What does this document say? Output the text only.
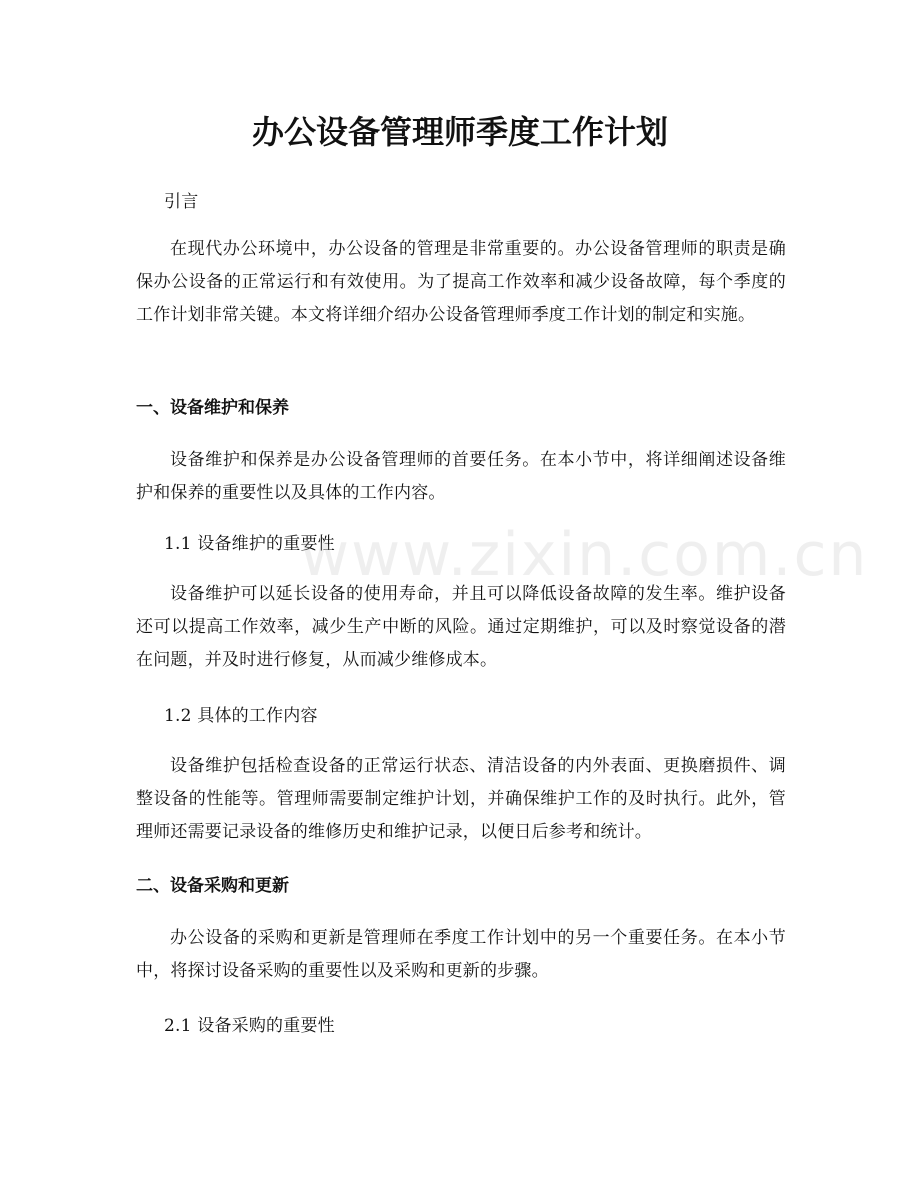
办公设备管理师季度工作计划

引言

在现代办公环境中，办公设备的管理是非常重要的。办公设备管理师的职责是确保办公设备的正常运行和有效使用。为了提高工作效率和减少设备故障，每个季度的工作计划非常关键。本文将详细介绍办公设备管理师季度工作计划的制定和实施。

一、设备维护和保养

设备维护和保养是办公设备管理师的首要任务。在本小节中，将详细阐述设备维护和保养的重要性以及具体的工作内容。

1.1 设备维护的重要性

设备维护可以延长设备的使用寿命，并且可以降低设备故障的发生率。维护设备还可以提高工作效率，减少生产中断的风险。通过定期维护，可以及时察觉设备的潜在问题，并及时进行修复，从而减少维修成本。

1.2 具体的工作内容

设备维护包括检查设备的正常运行状态、清洁设备的内外表面、更换磨损件、调整设备的性能等。管理师需要制定维护计划，并确保维护工作的及时执行。此外，管理师还需要记录设备的维修历史和维护记录，以便日后参考和统计。

二、设备采购和更新

办公设备的采购和更新是管理师在季度工作计划中的另一个重要任务。在本小节中，将探讨设备采购的重要性以及采购和更新的步骤。

2.1 设备采购的重要性

www.zixin.com.cn
